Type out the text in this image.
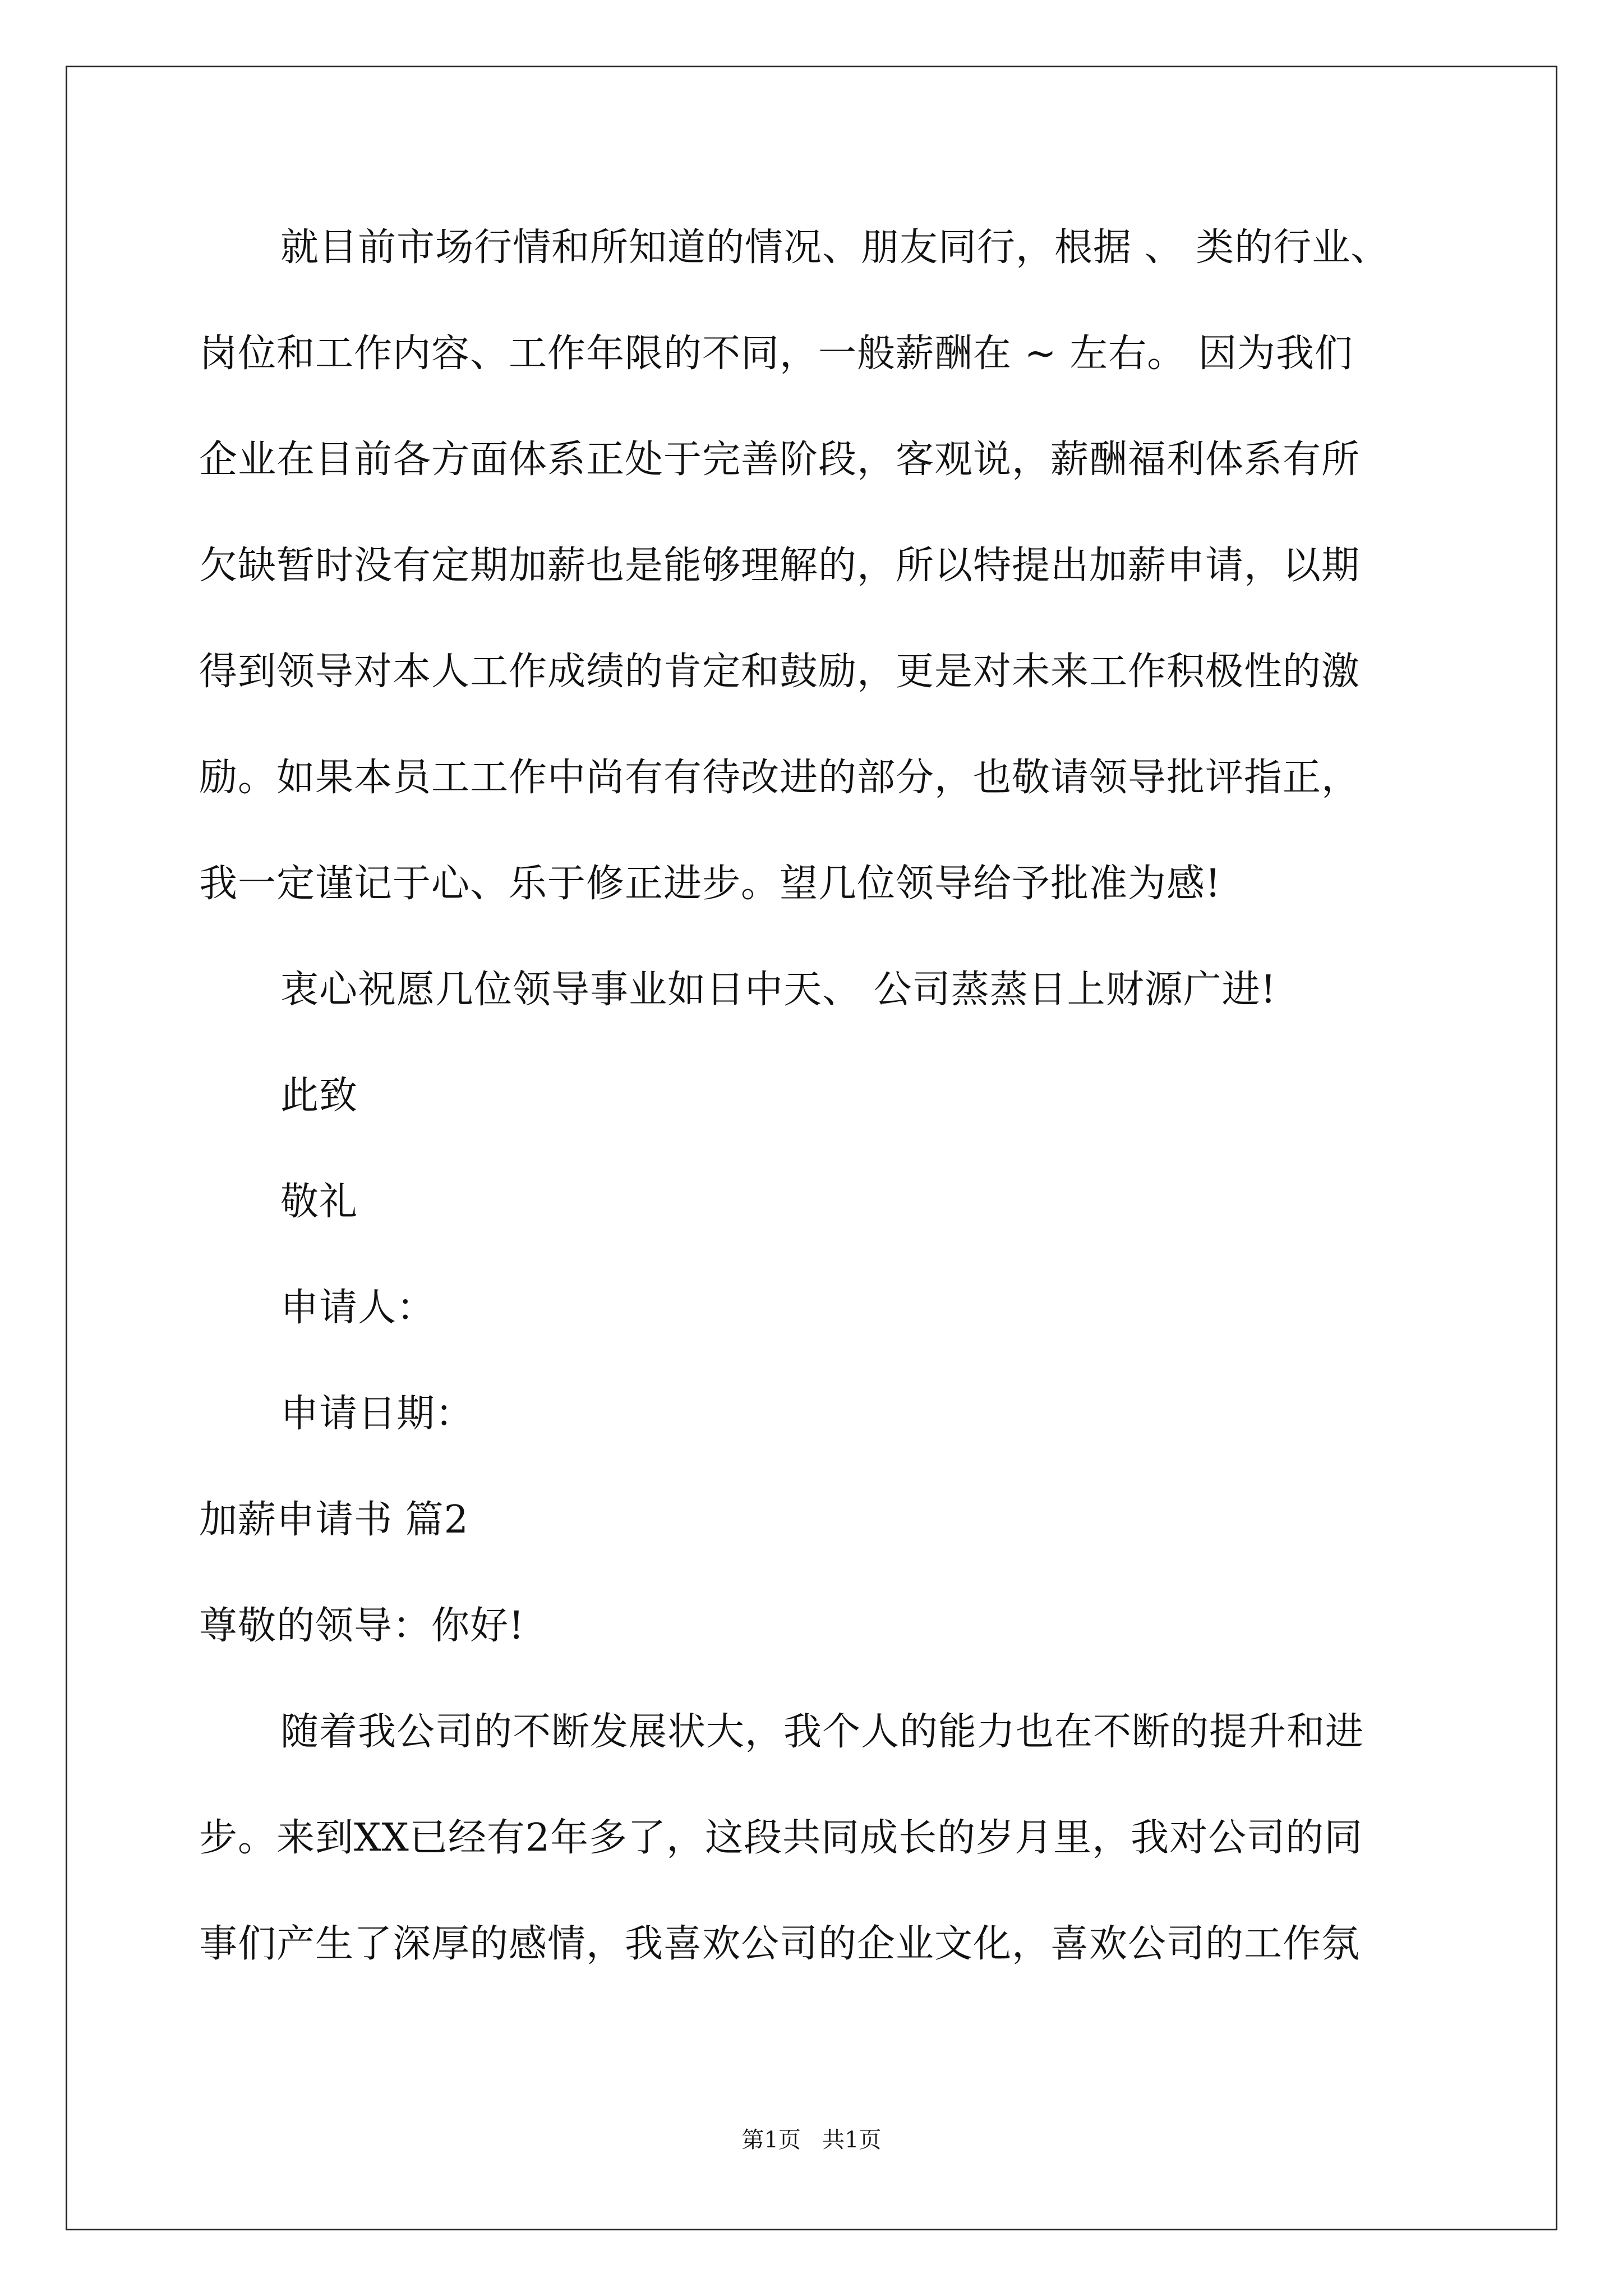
就目前市场行情和所知道的情况、朋友同行，根据 、 类的行业、
岗位和工作内容、工作年限的不同，一般薪酬在 ~ 左右。 因为我们
企业在目前各方面体系正处于完善阶段，客观说，薪酬福利体系有所
欠缺暂时没有定期加薪也是能够理解的，所以特提出加薪申请，以期
得到领导对本人工作成绩的肯定和鼓励，更是对未来工作积极性的激
励。如果本员工工作中尚有有待改进的部分，也敬请领导批评指正，
我一定谨记于心、乐于修正进步。望几位领导给予批准为感!
衷心祝愿几位领导事业如日中天、 公司蒸蒸日上财源广进!
此致
敬礼
申请人：
申请日期：
加薪申请书 篇2
尊敬的领导：你好!
随着我公司的不断发展状大，我个人的能力也在不断的提升和进
步。来到XX已经有2年多了，这段共同成长的岁月里，我对公司的同
事们产生了深厚的感情，我喜欢公司的企业文化，喜欢公司的工作氛
第1页   共1页
